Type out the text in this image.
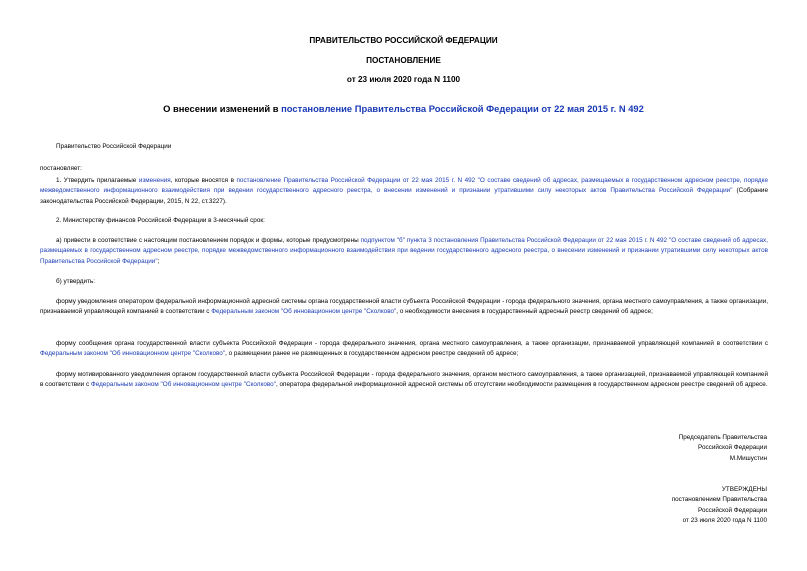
ПРАВИТЕЛЬСТВО РОССИЙСКОЙ ФЕДЕРАЦИИ
ПОСТАНОВЛЕНИЕ
от 23 июля 2020 года N 1100
О внесении изменений в постановление Правительства Российской Федерации от 22 мая 2015 г. N 492

Правительство Российской Федерации

постановляет:

1. Утвердить прилагаемые изменения, которые вносятся в постановление Правительства Российской Федерации от 22 мая 2015 г. N 492 "О составе сведений об адресах, размещаемых в государственном адресном реестре, порядке межведомственного информационного взаимодействия при ведении государственного адресного реестра, о внесении изменений и признании утратившими силу некоторых актов Правительства Российской Федерации" (Собрание законодательства Российской Федерации, 2015, N 22, ст.3227).

2. Министерству финансов Российской Федерации в 3-месячный срок:

а) привести в соответствие с настоящим постановлением порядок и формы, которые предусмотрены подпунктом "б" пункта 3 постановления Правительства Российской Федерации от 22 мая 2015 г. N 492 "О составе сведений об адресах, размещаемых в государственном адресном реестре, порядке межведомственного информационного взаимодействия при ведении государственного адресного реестра, о внесении изменений и признании утратившими силу некоторых актов Правительства Российской Федерации";

б) утвердить:

форму уведомления оператором федеральной информационной адресной системы органа государственной власти субъекта Российской Федерации - города федерального значения, органа местного самоуправления, а также организации, признаваемой управляющей компанией в соответствии с Федеральным законом "Об инновационном центре "Сколково", о необходимости внесения в государственный адресный реестр сведений об адресе;

форму сообщения органа государственной власти субъекта Российской Федерации - города федерального значения, органа местного самоуправления, а также организации, признаваемой управляющей компанией в соответствии с Федеральным законом "Об инновационном центре "Сколково", о размещении ранее не размещенных в государственном адресном реестре сведений об адресе;

форму мотивированного уведомления органом государственной власти субъекта Российской Федерации - города федерального значения, органом местного самоуправления, а также организацией, признаваемой управляющей компанией в соответствии с Федеральным законом "Об инновационном центре "Сколково", оператора федеральной информационной адресной системы об отсутствии необходимости размещения в государственном адресном реестре сведений об адресе.

Председатель Правительства
Российской Федерации
М.Мишустин
УТВЕРЖДЕНЫ
постановлением Правительства
Российской Федерации
от 23 июля 2020 года N 1100
